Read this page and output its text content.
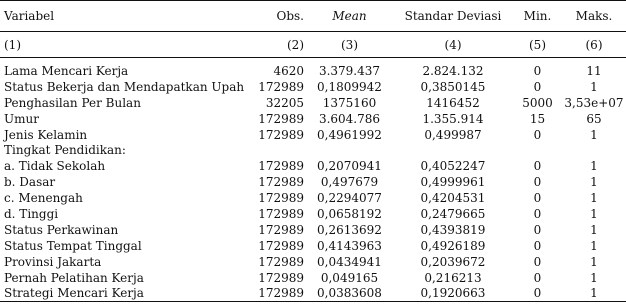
Variabel	Obs.	Mean	Standar Deviasi	Min.	Maks.
(1)	(2)	(3)	(4)	(5)	(6)

Lama Mencari Kerja	4620	3.379.437	2.824.132	0	11
Status Bekerja dan Mendapatkan Upah	172989	0,1809942	0,3850145	0	1
Penghasilan Per Bulan	32205	1375160	1416452	5000	3,53e+07
Umur	172989	3.604.786	1.355.914	15	65
Jenis Kelamin	172989	0,4961992	0,499987	0	1
Tingkat Pendidikan:					
a. Tidak Sekolah	172989	0,2070941	0,4052247	0	1
b. Dasar	172989	0,497679	0,4999961	0	1
c. Menengah	172989	0,2294077	0,4204531	0	1
d. Tinggi	172989	0,0658192	0,2479665	0	1
Status Perkawinan	172989	0,2613692	0,4393819	0	1
Status Tempat Tinggal	172989	0,4143963	0,4926189	0	1
Provinsi Jakarta	172989	0,0434941	0,2039672	0	1
Pernah Pelatihan Kerja	172989	0,049165	0,216213	0	1
Strategi Mencari Kerja	172989	0,0383608	0,1920663	0	1
